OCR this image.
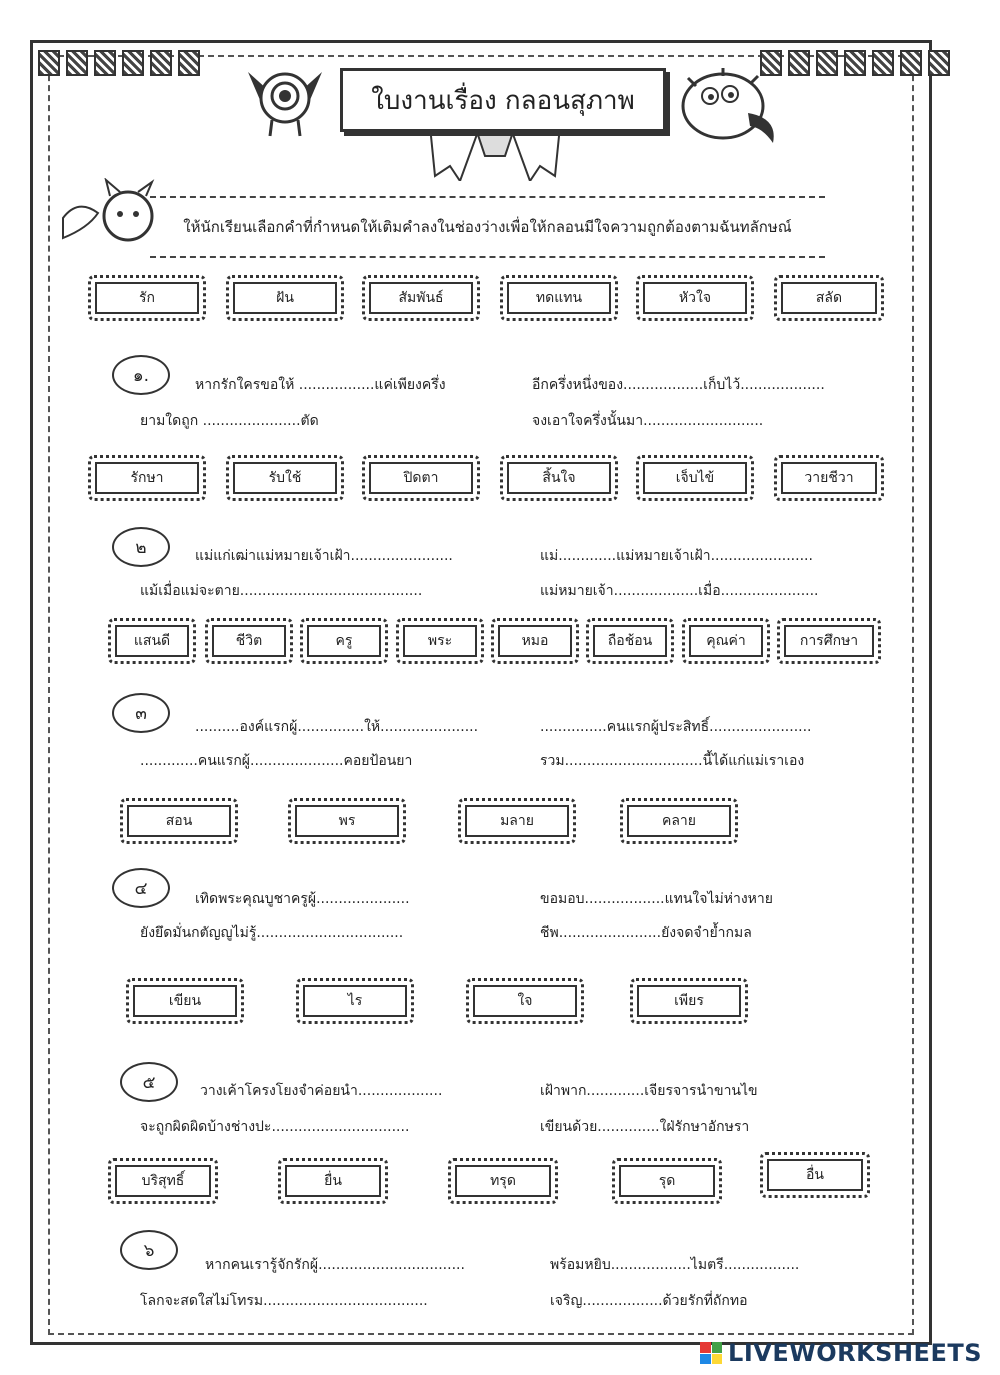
ใบงานเรื่อง กลอนสุภาพ
ให้นักเรียนเลือกคำที่กำหนดให้เติมคำลงในช่องว่างเพื่อให้กลอนมีใจความถูกต้องตามฉันทลักษณ์
รัก	ฝัน	สัมพันธ์	ทดแทน	หัวใจ	สลัด
๑.	หากรักใครขอให้ .................แค่เพียงครึ่ง	อีกครึ่งหนึ่งของ..................เก็บไว้...................
ยามใดถูก ......................ตัด	จงเอาใจครึ่งนั้นมา...........................
รักษา	รับใช้	ปิดตา	สิ้นใจ	เจ็บไข้	วายชีวา
๒	แม่แก่เฒ่าแม่หมายเจ้าเฝ้า.......................	แม่.............แม่หมายเจ้าเฝ้า.......................
แม้เมื่อแม่จะตาย.........................................	แม่หมายเจ้า...................เมื่อ......................
แสนดี	ชีวิต	ครู	พระ	หมอ	ถือช้อน	คุณค่า	การศึกษา
๓
..........องค์แรกผู้...............ให้......................	...............คนแรกผู้ประสิทธิ์.......................
.............คนแรกผู้.....................คอยป้อนยา	รวม...............................นี้ได้แก่แม่เราเอง
สอน	พร	มลาย	คลาย
๔
เทิดพระคุณบูชาครูผู้.....................	ขอมอบ..................แทนใจไม่ห่างหาย
ยังยึดมั่นกตัญญูไม่รู้.................................	ชีพ.......................ยังจดจำย้ำกมล
เขียน	ไร	ใจ	เพียร
๕	วางเค้าโครงโยงจำค่อยนำ...................	เฝ้าพาก.............เจียรจารนำขานไข
จะถูกผิดผิดบ้างช่างปะ...............................	เขียนด้วย..............ใฝ่รักษาอักษรา
บริสุทธิ์	ยื่น	ทรุด	รุด	อื่น
๖
หากคนเรารู้จักรักผู้.................................	พร้อมหยิบ..................ไมตรี.................
โลกจะสดใสไม่โทรม.....................................	เจริญ..................ด้วยรักที่ถักทอ
LIVEWORKSHEETS
